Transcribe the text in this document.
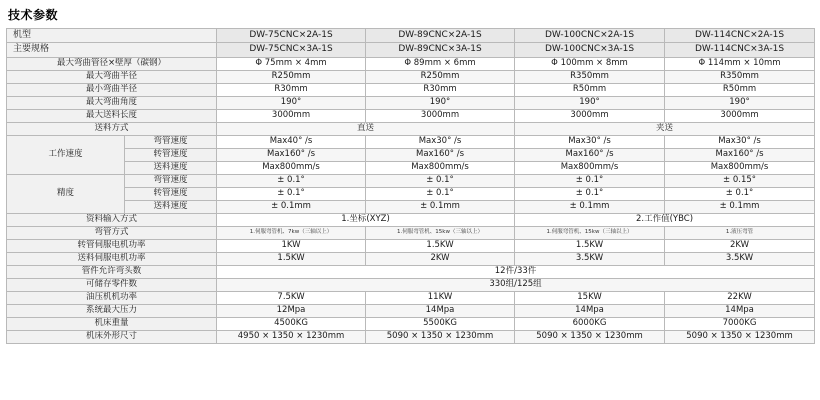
技术参数
机型		DW-75CNC×2A-1S	DW-89CNC×2A-1S	DW-100CNC×2A-1S	DW-114CNC×2A-1S
主要规格		DW-75CNC×3A-1S	DW-89CNC×3A-1S	DW-100CNC×3A-1S	DW-114CNC×3A-1S
最大弯曲管径×壁厚（碳钢）		Φ 75mm × 4mm	Φ 89mm × 6mm	Φ 100mm × 8mm	Φ 114mm × 10mm
最大弯曲半径		R250mm	R250mm	R350mm	R350mm
最小弯曲半径		R30mm	R30mm	R50mm	R50mm
最大弯曲角度		190°	190°	190°	190°
最大送料长度		3000mm	3000mm	3000mm	3000mm
送料方式		直送		夹送	
工作速度	弯管速度	Max40° /s	Max30° /s	Max30° /s	Max30° /s
	转管速度	Max160° /s	Max160° /s	Max160° /s	Max160° /s
	送料速度	Max800mm/s	Max800mm/s	Max800mm/s	Max800mm/s
精度	弯管速度	± 0.1°	± 0.1°	± 0.1°	± 0.15°
	转管速度	± 0.1°	± 0.1°	± 0.1°	± 0.1°
	送料速度	± 0.1mm	± 0.1mm	± 0.1mm	± 0.1mm
资料输入方式		1.坐标(XYZ)		2.工作值(YBC)	
弯管方式		1.伺服弯管机、7kw（三轴以上）	1.伺服弯管机、15kw（三轴以上）	1.伺服弯管机、15kw（三轴以上）	1.液压弯管

转管伺服电机功率		1KW	1.5KW	1.5KW	2KW
送料伺服电机功率		1.5KW	2KW	3.5KW	3.5KW
管件允许弯头数		12件/33件			
可储存零件数		330组/125组			
油压机机功率		7.5KW	11KW	15KW	22KW
系统最大压力		12Mpa	14Mpa	14Mpa	14Mpa
机床重量		4500KG	5500KG	6000KG	7000KG
机床外形尺寸		4950 × 1350 × 1230mm	5090 × 1350 × 1230mm	5090 × 1350 × 1230mm	5090 × 1350 × 1230mm
